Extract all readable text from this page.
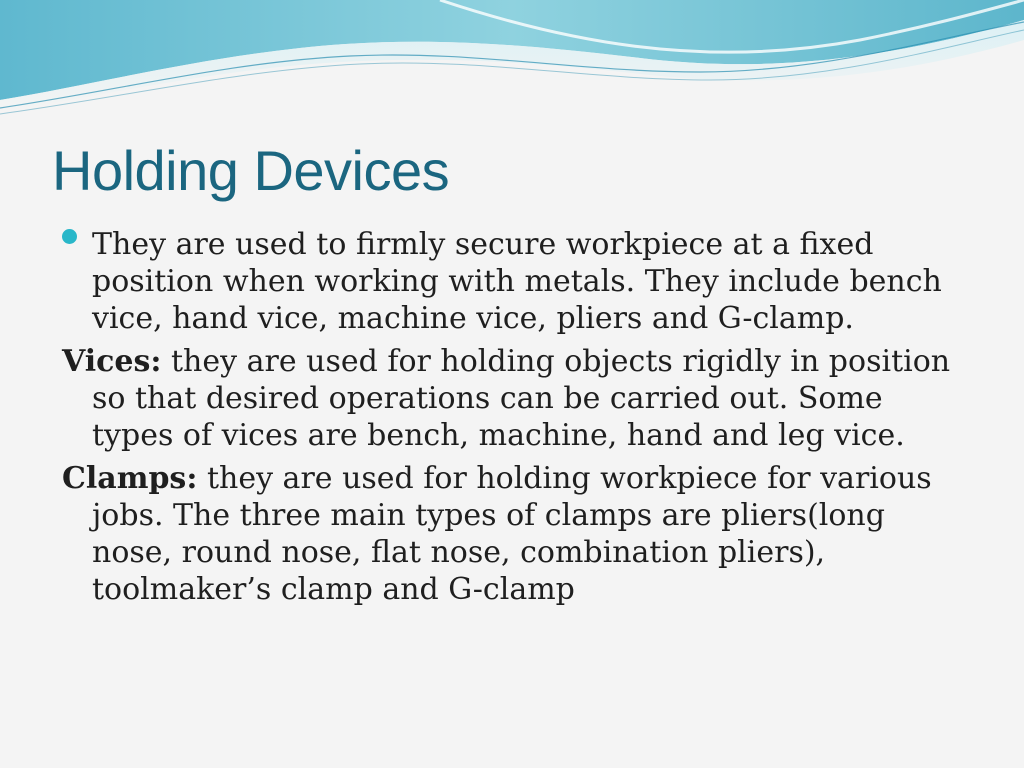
Holding Devices

They are used to firmly secure workpiece at a fixed position when working with metals. They include bench vice, hand vice, machine vice, pliers and G-clamp.

Vices: they are used for holding objects rigidly in position so that desired operations can be carried out. Some types of vices are bench, machine, hand and leg vice.

Clamps: they are used for holding workpiece for various jobs. The three main types of clamps are pliers(long nose, round nose, flat nose, combination pliers), toolmaker’s clamp and G-clamp
